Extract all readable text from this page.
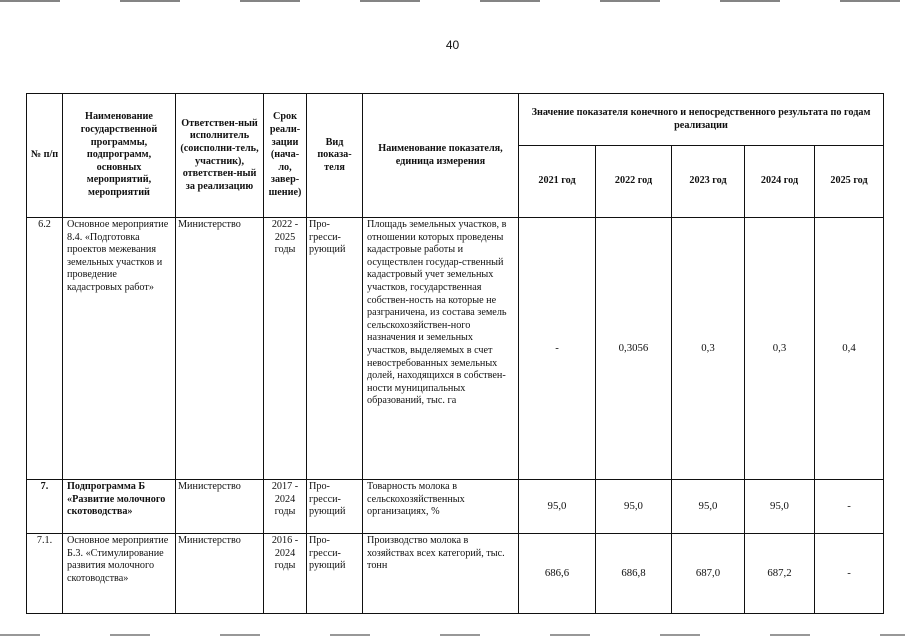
40
№ п/п	Наименование государственной программы, подпрограмм, основных мероприятий, мероприятий	Ответствен-ный исполнитель (соисполни-тель, участник), ответствен-ный за реализацию	Срок реали-зации (нача-ло, завер-шение)	Вид показа-теля	Наименование показателя, единица измерения	Значение показателя конечного и непосредственного результата по годам реализации				
						2021 год	2022 год	2023 год	2024 год	2025 год
6.2	Основное мероприятие 8.4. «Подготовка проектов межевания земельных участков и проведение кадастровых работ»	Министерство	2022 - 2025 годы	Про-гресси-рующий	Площадь земельных участков, в отношении которых проведены кадастровые работы и осуществлен государ-ственный кадастровый учет земельных участков, государственная собствен-ность на которые не разграничена, из состава земель сельскохозяйствен-ного назначения и земельных участков, выделяемых в счет невостребованных земельных долей, находящихся в собствен-ности муниципальных образований, тыс. га	-	0,3056	0,3	0,3	0,4
7.	Подпрограмма Б «Развитие молочного скотоводства»	Министерство	2017 - 2024 годы	Про-гресси-рующий	Товарность молока в сельскохозяйственных организациях, %	95,0	95,0	95,0	95,0	-
7.1.	Основное мероприятие Б.3. «Стимулирование развития молочного скотоводства»	Министерство	2016 - 2024 годы	Про-гресси-рующий	Производство молока в хозяйствах всех категорий, тыс. тонн	686,6	686,8	687,0	687,2	-
